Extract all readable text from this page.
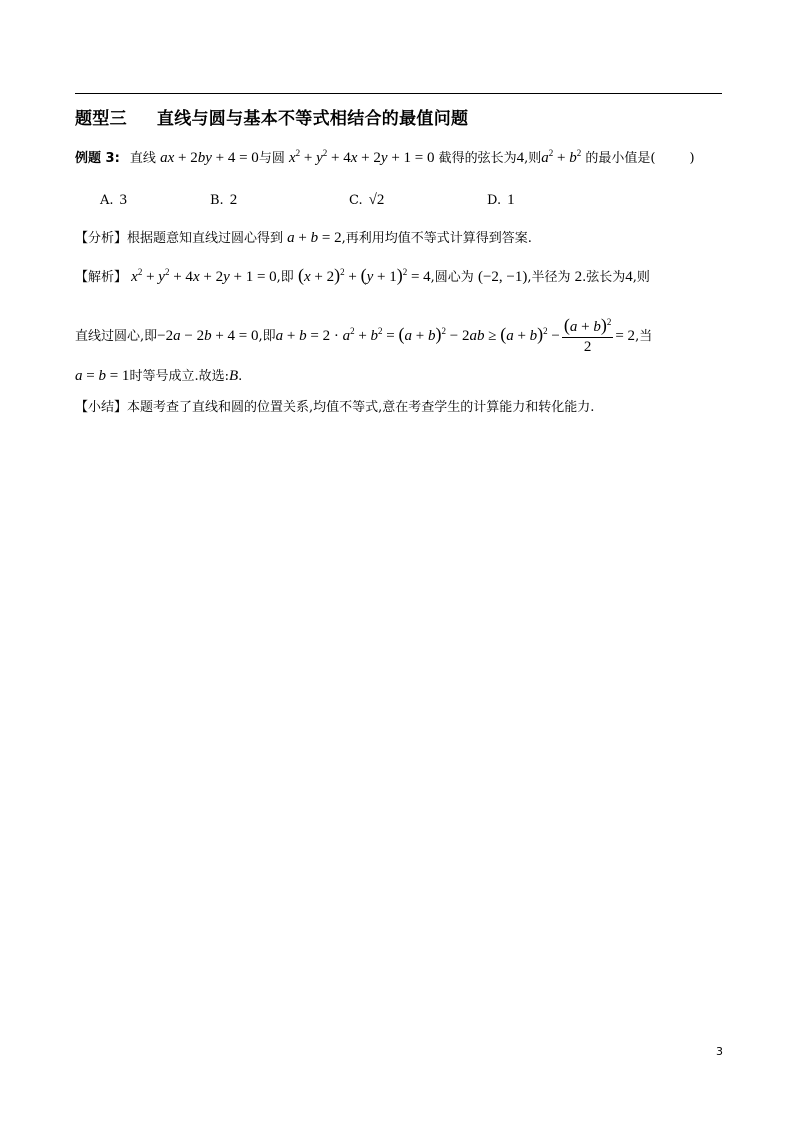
题型三 直线与圆与基本不等式相结合的最值问题
例题 3: 直线 ax + 2by + 4 = 0与圆 $x^2 + y^2 + 4x + 2y + 1 = 0$ 截得的弦长为4,则$a^2 + b^2$ 的最小值是(	)
A. 3	B. 2	C. √2	D. 1
【分析】根据题意知直线过圆心得到 a + b = 2,再利用均值不等式计算得到答案.
【解析】 $x^2 + y^2 + 4x + 2y + 1 = 0$,即 $(x + 2)^2 + (y + 1)^2 = 4$,圆心为 (−2, −1),半径为 2.弦长为4,则
直线过圆心,即−2a − 2b + 4 = 0,即$a + b = 2 \cdot a^2 + b^2 = (a + b)^2 - 2ab \ge (a + b)^2 - \frac{(a + b)^2}{2} = 2$,当
a = b = 1时等号成立.故选:B.
【小结】本题考查了直线和圆的位置关系,均值不等式,意在考查学生的计算能力和转化能力.
3
